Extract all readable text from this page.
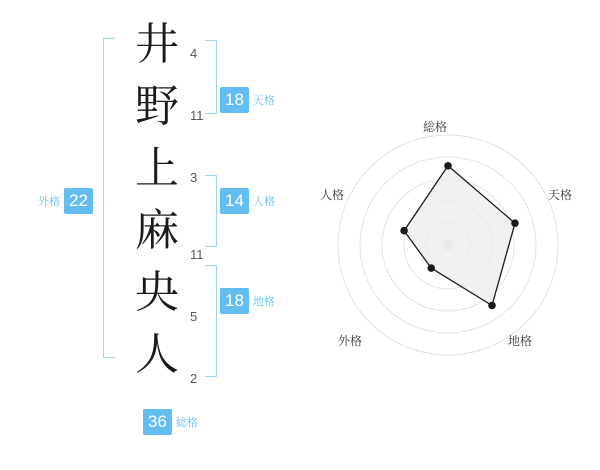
井
野
上
麻
央
人
4
11
3
11
5
2
18 天格
14 人格
18 地格
外格 22
36 総格
総格
天格
地格
外格
人格
